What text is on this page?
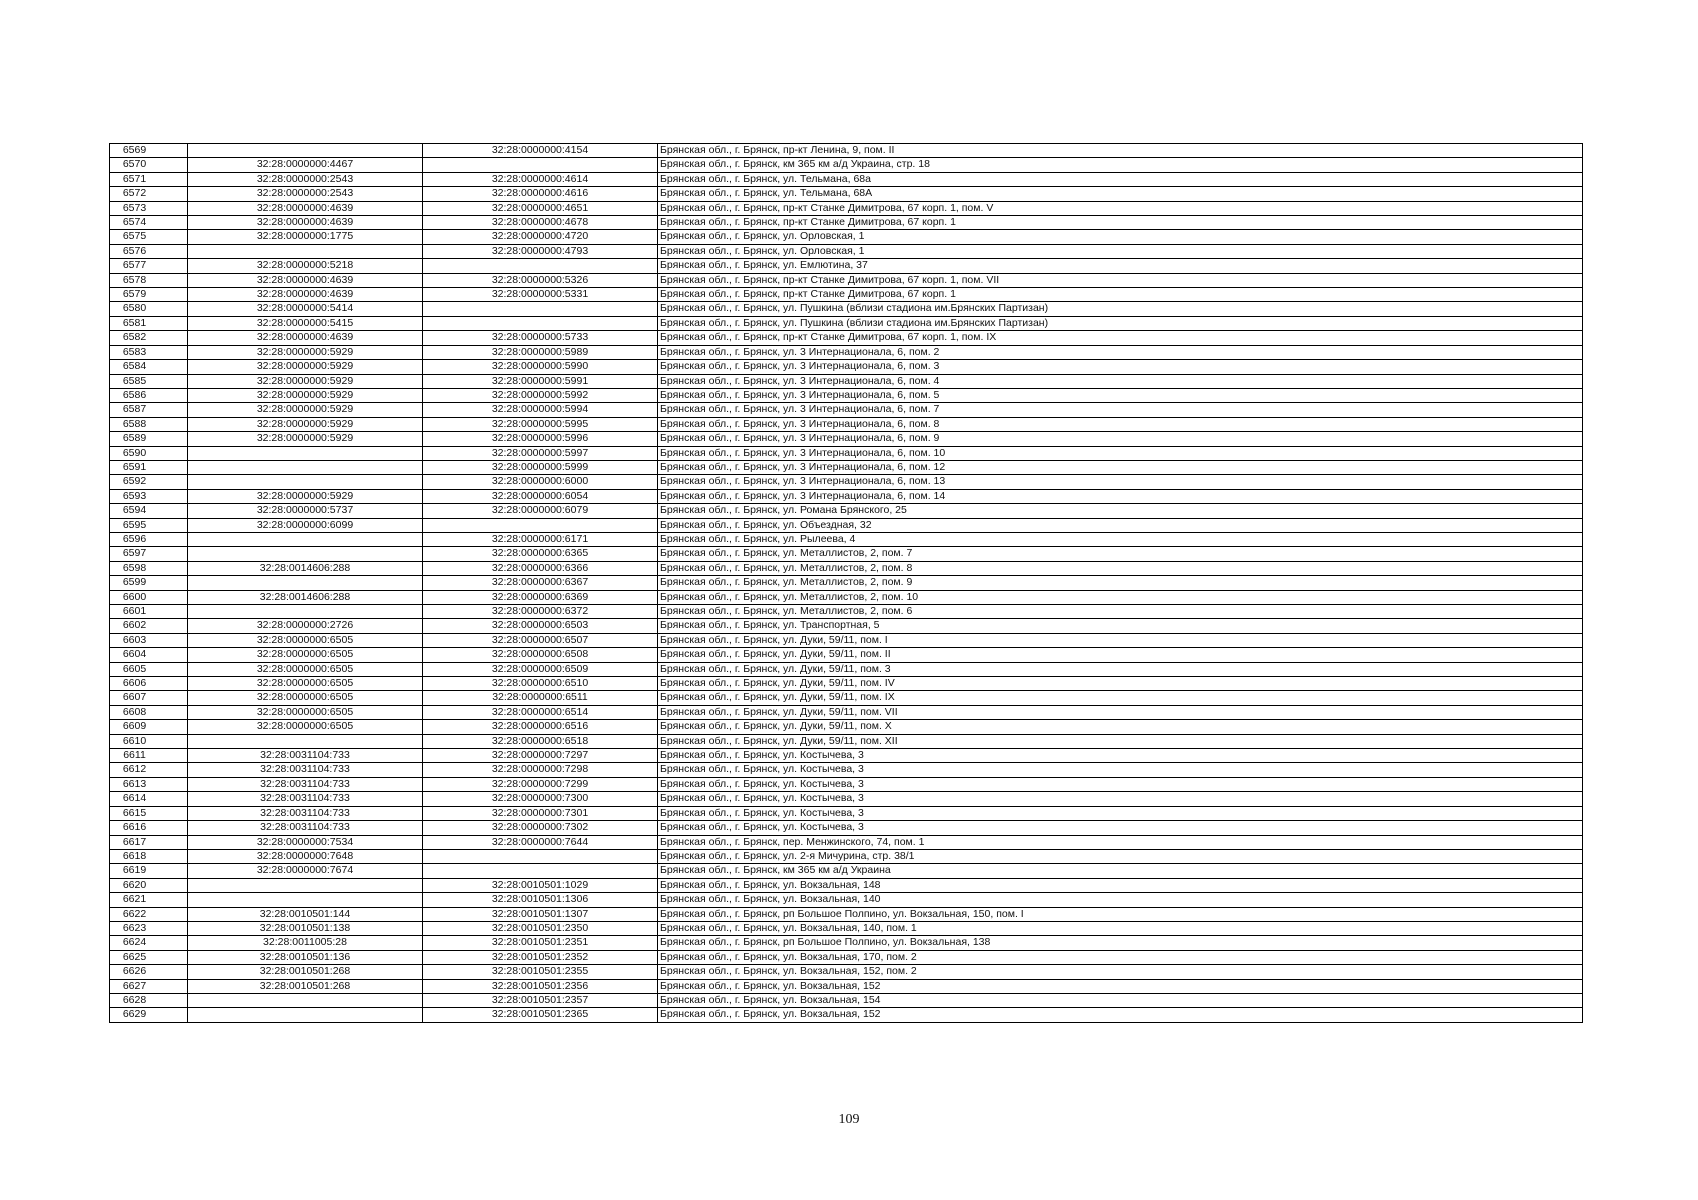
6569		32:28:0000000:4154	Брянская обл., г. Брянск, пр-кт Ленина, 9, пом. II
6570	32:28:0000000:4467		Брянская обл., г. Брянск, км 365 км а/д Украина, стр. 18
6571	32:28:0000000:2543	32:28:0000000:4614	Брянская обл., г. Брянск, ул. Тельмана, 68а
6572	32:28:0000000:2543	32:28:0000000:4616	Брянская обл., г. Брянск, ул. Тельмана, 68А
6573	32:28:0000000:4639	32:28:0000000:4651	Брянская обл., г. Брянск, пр-кт Станке Димитрова, 67 корп. 1, пом. V
6574	32:28:0000000:4639	32:28:0000000:4678	Брянская обл., г. Брянск, пр-кт Станке Димитрова, 67 корп. 1
6575	32:28:0000000:1775	32:28:0000000:4720	Брянская обл., г. Брянск, ул. Орловская, 1
6576		32:28:0000000:4793	Брянская обл., г. Брянск, ул. Орловская, 1
6577	32:28:0000000:5218		Брянская обл., г. Брянск, ул. Емлютина, 37
6578	32:28:0000000:4639	32:28:0000000:5326	Брянская обл., г. Брянск, пр-кт Станке Димитрова, 67 корп. 1, пом. VII
6579	32:28:0000000:4639	32:28:0000000:5331	Брянская обл., г. Брянск, пр-кт Станке Димитрова, 67 корп. 1
6580	32:28:0000000:5414		Брянская обл., г. Брянск, ул. Пушкина (вблизи стадиона им.Брянских Партизан)
6581	32:28:0000000:5415		Брянская обл., г. Брянск, ул. Пушкина (вблизи стадиона им.Брянских Партизан)
6582	32:28:0000000:4639	32:28:0000000:5733	Брянская обл., г. Брянск, пр-кт Станке Димитрова, 67 корп. 1, пом. IX
6583	32:28:0000000:5929	32:28:0000000:5989	Брянская обл., г. Брянск, ул. 3 Интернационала, 6, пом. 2
6584	32:28:0000000:5929	32:28:0000000:5990	Брянская обл., г. Брянск, ул. 3 Интернационала, 6, пом. 3
6585	32:28:0000000:5929	32:28:0000000:5991	Брянская обл., г. Брянск, ул. 3 Интернационала, 6, пом. 4
6586	32:28:0000000:5929	32:28:0000000:5992	Брянская обл., г. Брянск, ул. 3 Интернационала, 6, пом. 5
6587	32:28:0000000:5929	32:28:0000000:5994	Брянская обл., г. Брянск, ул. 3 Интернационала, 6, пом. 7
6588	32:28:0000000:5929	32:28:0000000:5995	Брянская обл., г. Брянск, ул. 3 Интернационала, 6, пом. 8
6589	32:28:0000000:5929	32:28:0000000:5996	Брянская обл., г. Брянск, ул. 3 Интернационала, 6, пом. 9
6590		32:28:0000000:5997	Брянская обл., г. Брянск, ул. 3 Интернационала, 6, пом. 10
6591		32:28:0000000:5999	Брянская обл., г. Брянск, ул. 3 Интернационала, 6, пом. 12
6592		32:28:0000000:6000	Брянская обл., г. Брянск, ул. 3 Интернационала, 6, пом. 13
6593	32:28:0000000:5929	32:28:0000000:6054	Брянская обл., г. Брянск, ул. 3 Интернационала, 6, пом. 14
6594	32:28:0000000:5737	32:28:0000000:6079	Брянская обл., г. Брянск, ул. Романа Брянского, 25
6595	32:28:0000000:6099		Брянская обл., г. Брянск, ул. Объездная, 32
6596		32:28:0000000:6171	Брянская обл., г. Брянск, ул. Рылеева, 4
6597		32:28:0000000:6365	Брянская обл., г. Брянск, ул. Металлистов, 2, пом. 7
6598	32:28:0014606:288	32:28:0000000:6366	Брянская обл., г. Брянск, ул. Металлистов, 2, пом. 8
6599		32:28:0000000:6367	Брянская обл., г. Брянск, ул. Металлистов, 2, пом. 9
6600	32:28:0014606:288	32:28:0000000:6369	Брянская обл., г. Брянск, ул. Металлистов, 2, пом. 10
6601		32:28:0000000:6372	Брянская обл., г. Брянск, ул. Металлистов, 2, пом. 6
6602	32:28:0000000:2726	32:28:0000000:6503	Брянская обл., г. Брянск, ул. Транспортная, 5
6603	32:28:0000000:6505	32:28:0000000:6507	Брянская обл., г. Брянск, ул. Дуки, 59/11, пом. I
6604	32:28:0000000:6505	32:28:0000000:6508	Брянская обл., г. Брянск, ул. Дуки, 59/11, пом. II
6605	32:28:0000000:6505	32:28:0000000:6509	Брянская обл., г. Брянск, ул. Дуки, 59/11, пом. 3
6606	32:28:0000000:6505	32:28:0000000:6510	Брянская обл., г. Брянск, ул. Дуки, 59/11, пом. IV
6607	32:28:0000000:6505	32:28:0000000:6511	Брянская обл., г. Брянск, ул. Дуки, 59/11, пом. IX
6608	32:28:0000000:6505	32:28:0000000:6514	Брянская обл., г. Брянск, ул. Дуки, 59/11, пом. VII
6609	32:28:0000000:6505	32:28:0000000:6516	Брянская обл., г. Брянск, ул. Дуки, 59/11, пом. X
6610		32:28:0000000:6518	Брянская обл., г. Брянск, ул. Дуки, 59/11, пом. XII
6611	32:28:0031104:733	32:28:0000000:7297	Брянская обл., г. Брянск, ул. Костычева, 3
6612	32:28:0031104:733	32:28:0000000:7298	Брянская обл., г. Брянск, ул. Костычева, 3
6613	32:28:0031104:733	32:28:0000000:7299	Брянская обл., г. Брянск, ул. Костычева, 3
6614	32:28:0031104:733	32:28:0000000:7300	Брянская обл., г. Брянск, ул. Костычева, 3
6615	32:28:0031104:733	32:28:0000000:7301	Брянская обл., г. Брянск, ул. Костычева, 3
6616	32:28:0031104:733	32:28:0000000:7302	Брянская обл., г. Брянск, ул. Костычева, 3
6617	32:28:0000000:7534	32:28:0000000:7644	Брянская обл., г. Брянск, пер. Менжинского, 74, пом. 1
6618	32:28:0000000:7648		Брянская обл., г. Брянск, ул. 2-я Мичурина, стр. 38/1
6619	32:28:0000000:7674		Брянская обл., г. Брянск, км 365 км а/д Украина
6620		32:28:0010501:1029	Брянская обл., г. Брянск, ул. Вокзальная, 148
6621		32:28:0010501:1306	Брянская обл., г. Брянск, ул. Вокзальная, 140
6622	32:28:0010501:144	32:28:0010501:1307	Брянская обл., г. Брянск, рп Большое Полпино, ул. Вокзальная, 150, пом. I
6623	32:28:0010501:138	32:28:0010501:2350	Брянская обл., г. Брянск, ул. Вокзальная, 140, пом. 1
6624	32:28:0011005:28	32:28:0010501:2351	Брянская обл., г. Брянск, рп Большое Полпино, ул. Вокзальная, 138
6625	32:28:0010501:136	32:28:0010501:2352	Брянская обл., г. Брянск, ул. Вокзальная, 170, пом. 2
6626	32:28:0010501:268	32:28:0010501:2355	Брянская обл., г. Брянск, ул. Вокзальная, 152, пом. 2
6627	32:28:0010501:268	32:28:0010501:2356	Брянская обл., г. Брянск, ул. Вокзальная, 152
6628		32:28:0010501:2357	Брянская обл., г. Брянск, ул. Вокзальная, 154
6629		32:28:0010501:2365	Брянская обл., г. Брянск, ул. Вокзальная, 152
109
